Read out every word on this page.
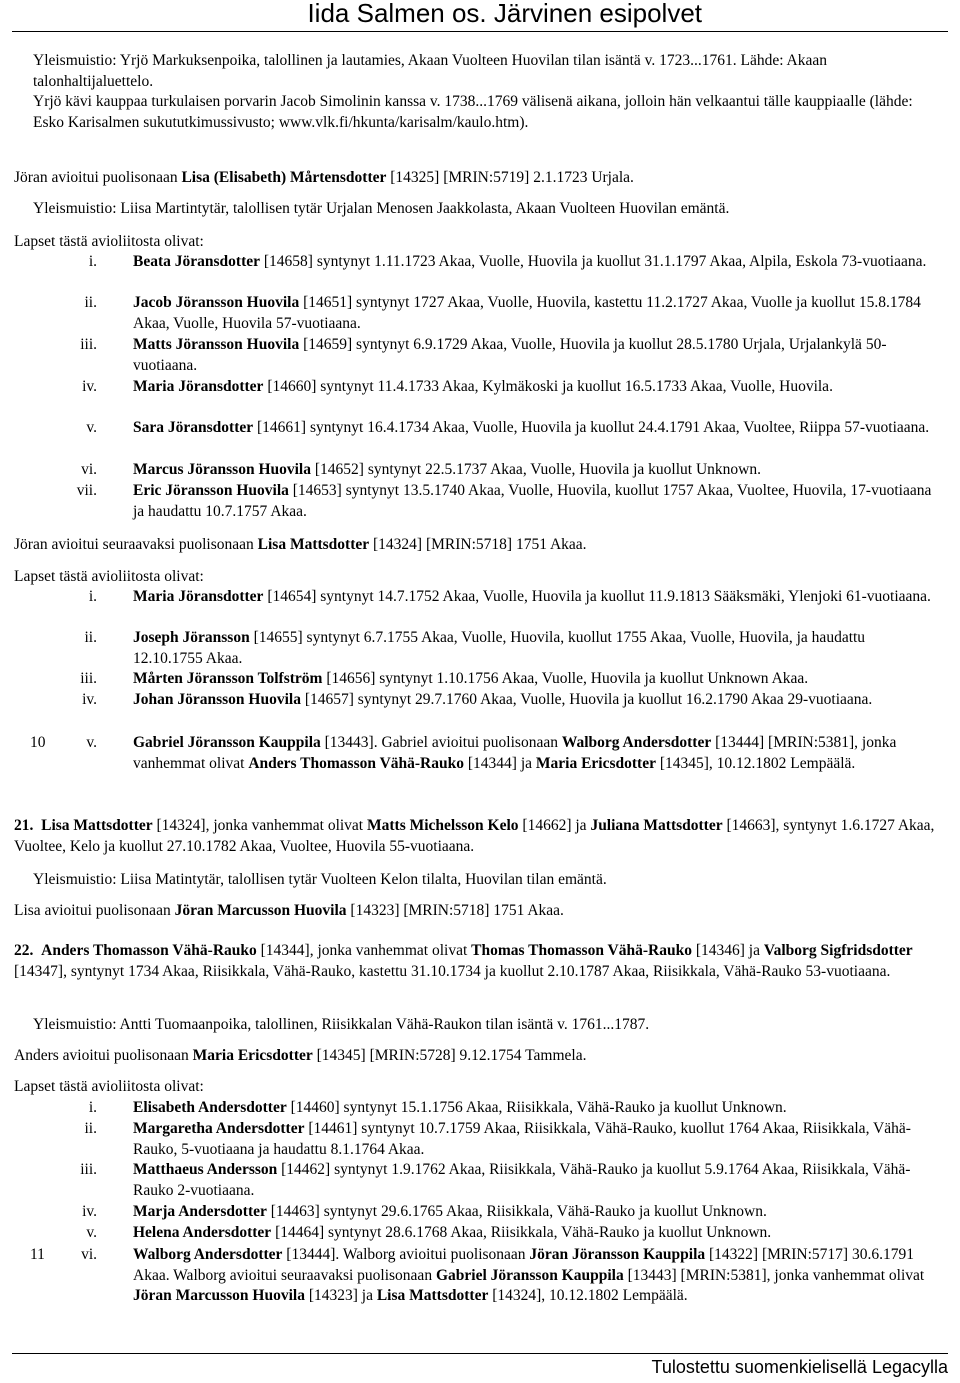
Iida Salmen os. Järvinen esipolvet
Yleismuistio: Yrjö Markuksenpoika, talollinen ja lautamies, Akaan Vuolteen Huovilan tilan isäntä v. 1723...1761. Lähde: Akaan talonhaltijaluettelo.
Yrjö kävi kauppaa turkulaisen porvarin Jacob Simolinin kanssa v. 1738...1769 välisenä aikana, jolloin hän velkaantui tälle kauppiaalle (lähde: Esko Karisalmen sukututkimussivusto; www.vlk.fi/hkunta/karisalm/kaulo.htm).
Jöran avioitui puolisonaan Lisa (Elisabeth) Mårtensdotter [14325] [MRIN:5719] 2.1.1723 Urjala.
Yleismuistio: Liisa Martintytär, talollisen tytär Urjalan Menosen Jaakkolasta, Akaan Vuolteen Huovilan emäntä.
Lapset tästä avioliitosta olivat:
i. Beata Jöransdotter [14658] syntynyt 1.11.1723 Akaa, Vuolle, Huovila ja kuollut 31.1.1797 Akaa, Alpila, Eskola 73-vuotiaana.
ii. Jacob Jöransson Huovila [14651] syntynyt 1727 Akaa, Vuolle, Huovila, kastettu 11.2.1727 Akaa, Vuolle ja kuollut 15.8.1784 Akaa, Vuolle, Huovila 57-vuotiaana.
iii. Matts Jöransson Huovila [14659] syntynyt 6.9.1729 Akaa, Vuolle, Huovila ja kuollut 28.5.1780 Urjala, Urjalankylä 50-vuotiaana.
iv. Maria Jöransdotter [14660] syntynyt 11.4.1733 Akaa, Kylmäkoski ja kuollut 16.5.1733 Akaa, Vuolle, Huovila.
v. Sara Jöransdotter [14661] syntynyt 16.4.1734 Akaa, Vuolle, Huovila ja kuollut 24.4.1791 Akaa, Vuoltee, Riippa 57-vuotiaana.
vi. Marcus Jöransson Huovila [14652] syntynyt 22.5.1737 Akaa, Vuolle, Huovila ja kuollut Unknown.
vii. Eric Jöransson Huovila [14653] syntynyt 13.5.1740 Akaa, Vuolle, Huovila, kuollut 1757 Akaa, Vuoltee, Huovila, 17-vuotiaana ja haudattu 10.7.1757 Akaa.
Jöran avioitui seuraavaksi puolisonaan Lisa Mattsdotter [14324] [MRIN:5718] 1751 Akaa.
Lapset tästä avioliitosta olivat:
i. Maria Jöransdotter [14654] syntynyt 14.7.1752 Akaa, Vuolle, Huovila ja kuollut 11.9.1813 Sääksmäki, Ylenjoki 61-vuotiaana.
ii. Joseph Jöransson [14655] syntynyt 6.7.1755 Akaa, Vuolle, Huovila, kuollut 1755 Akaa, Vuolle, Huovila, ja haudattu 12.10.1755 Akaa.
iii. Mårten Jöransson Tolfström [14656] syntynyt 1.10.1756 Akaa, Vuolle, Huovila ja kuollut Unknown Akaa.
iv. Johan Jöransson Huovila [14657] syntynyt 29.7.1760 Akaa, Vuolle, Huovila ja kuollut 16.2.1790 Akaa 29-vuotiaana.
10	v. Gabriel Jöransson Kauppila [13443]. Gabriel avioitui puolisonaan Walborg Andersdotter [13444] [MRIN:5381], jonka vanhemmat olivat Anders Thomasson Vähä-Rauko [14344] ja Maria Ericsdotter [14345], 10.12.1802 Lempäälä.
21. Lisa Mattsdotter [14324], jonka vanhemmat olivat Matts Michelsson Kelo [14662] ja Juliana Mattsdotter [14663], syntynyt 1.6.1727 Akaa, Vuoltee, Kelo ja kuollut 27.10.1782 Akaa, Vuoltee, Huovila 55-vuotiaana.
Yleismuistio: Liisa Matintytär, talollisen tytär Vuolteen Kelon tilalta, Huovilan tilan emäntä.
Lisa avioitui puolisonaan Jöran Marcusson Huovila [14323] [MRIN:5718] 1751 Akaa.
22. Anders Thomasson Vähä-Rauko [14344], jonka vanhemmat olivat Thomas Thomasson Vähä-Rauko [14346] ja Valborg Sigfridsdotter [14347], syntynyt 1734 Akaa, Riisikkala, Vähä-Rauko, kastettu 31.10.1734 ja kuollut 2.10.1787 Akaa, Riisikkala, Vähä-Rauko 53-vuotiaana.
Yleismuistio: Antti Tuomaanpoika, talollinen, Riisikkalan Vähä-Raukon tilan isäntä v. 1761...1787.
Anders avioitui puolisonaan Maria Ericsdotter [14345] [MRIN:5728] 9.12.1754 Tammela.
Lapset tästä avioliitosta olivat:
i. Elisabeth Andersdotter [14460] syntynyt 15.1.1756 Akaa, Riisikkala, Vähä-Rauko ja kuollut Unknown.
ii. Margaretha Andersdotter [14461] syntynyt 10.7.1759 Akaa, Riisikkala, Vähä-Rauko, kuollut 1764 Akaa, Riisikkala, Vähä-Rauko, 5-vuotiaana ja haudattu 8.1.1764 Akaa.
iii. Matthaeus Andersson [14462] syntynyt 1.9.1762 Akaa, Riisikkala, Vähä-Rauko ja kuollut 5.9.1764 Akaa, Riisikkala, Vähä-Rauko 2-vuotiaana.
iv. Marja Andersdotter [14463] syntynyt 29.6.1765 Akaa, Riisikkala, Vähä-Rauko ja kuollut Unknown.
v. Helena Andersdotter [14464] syntynyt 28.6.1768 Akaa, Riisikkala, Vähä-Rauko ja kuollut Unknown.
11	vi. Walborg Andersdotter [13444]. Walborg avioitui puolisonaan Jöran Jöransson Kauppila [14322] [MRIN:5717] 30.6.1791 Akaa. Walborg avioitui seuraavaksi puolisonaan Gabriel Jöransson Kauppila [13443] [MRIN:5381], jonka vanhemmat olivat Jöran Marcusson Huovila [14323] ja Lisa Mattsdotter [14324], 10.12.1802 Lempäälä.
Tulostettu suomenkielisellä Legacylla
